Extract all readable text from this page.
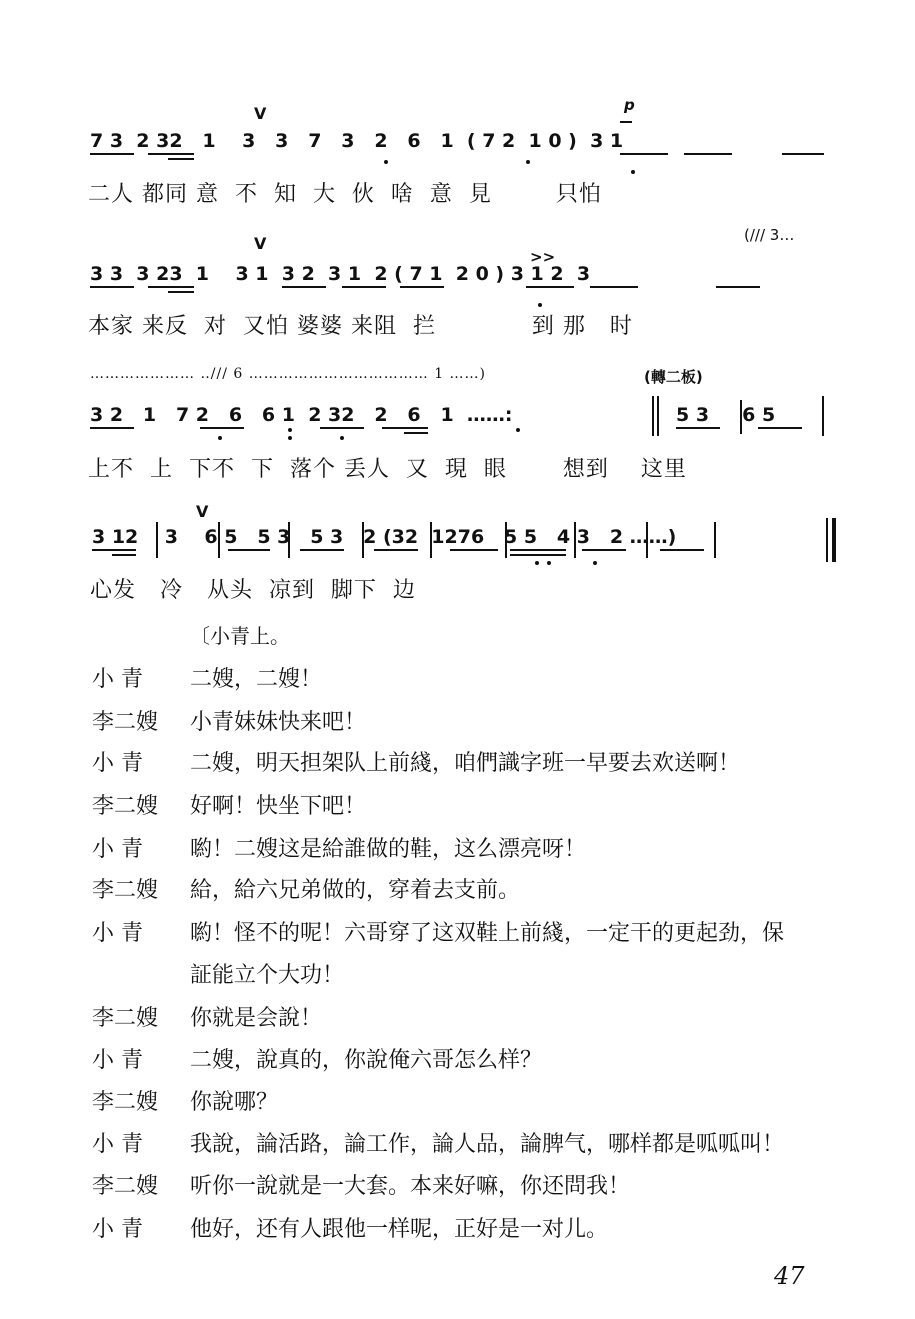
V	p
7 3  2 32   1    3   3   7   3   2   6   1  ( 7 2  1 0 )  3 1
二人 都同 意  不  知  大  伙  啥  意  見        只怕
(/// 3…
V
>>
3 3  3 23  1    3 1  3 2  3 1  2 ( 7 1  2 0 ) 3 1 2  3
本家 来反  对  又怕 婆婆 来阻  拦            到 那   时
………………… ‥/// 6 ……………………………… 1 ……)	(轉二板)
3 2   1   7 2   6   6 1  2 32   2   6   1  ……:	5 3     6 5
上不  上  下不  下  落个 丢人  又  現  眼       想到    这里
V
3 12    3    6 5   5 3   5 3   2 (32  1276   5 5   4 3   2 ……)
心发   冷   从头  凉到  脚下  边
〔小青上。
小 青	二嫂，二嫂！
李二嫂	小青妹妹快来吧！
小 青	二嫂，明天担架队上前綫，咱們識字班一早要去欢送啊！
李二嫂	好啊！快坐下吧！
小 青	喲！二嫂这是給誰做的鞋，这么漂亮呀！
李二嫂	給，給六兄弟做的，穿着去支前。
小 青	喲！怪不的呢！六哥穿了这双鞋上前綫，一定干的更起劲，保
証能立个大功！
李二嫂	你就是会說！
小 青	二嫂，說真的，你說俺六哥怎么样？
李二嫂	你說哪？
小 青	我說，論活路，論工作，論人品，論脾气，哪样都是呱呱叫！
李二嫂	听你一說就是一大套。本来好嘛，你还問我！
小 青	他好，还有人跟他一样呢，正好是一对儿。
47
